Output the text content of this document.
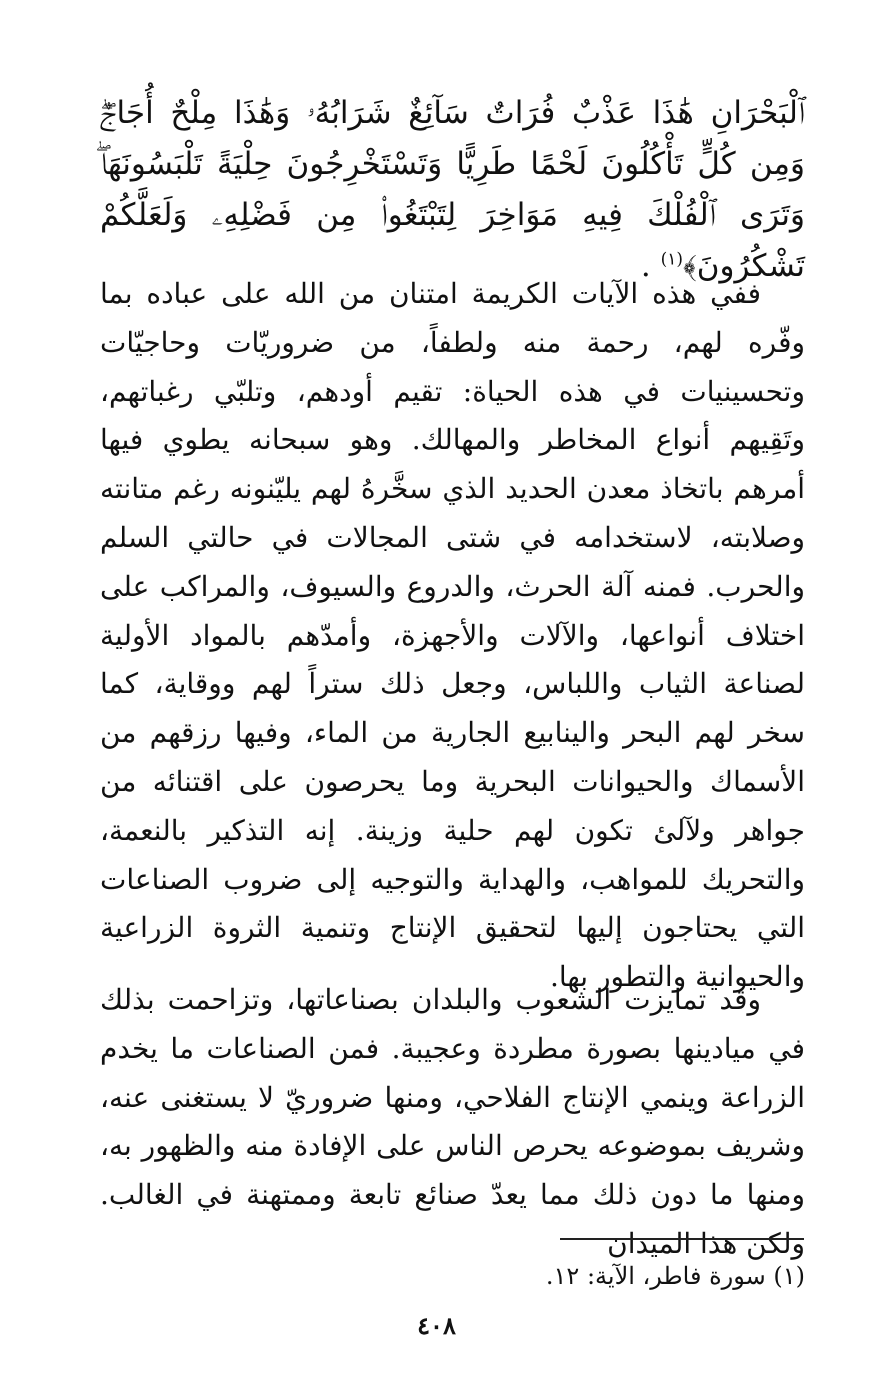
ٱلْبَحْرَانِ هَٰذَا عَذْبٌ فُرَاتٌ سَآئِغٌ شَرَابُهُۥ وَهَٰذَا مِلْحٌ أُجَاجٌۖ وَمِن كُلٍّ تَأْكُلُونَ لَحْمًا طَرِيًّا وَتَسْتَخْرِجُونَ حِلْيَةً تَلْبَسُونَهَاۖ وَتَرَى ٱلْفُلْكَ فِيهِ مَوَاخِرَ لِتَبْتَغُوا۟ مِن فَضْلِهِۦ وَلَعَلَّكُمْ تَشْكُرُونَ﴾$^{(١)}$ .
ففي هذه الآيات الكريمة امتنان من الله على عباده بما وفّره لهم، رحمة منه ولطفاً، من ضروريّات وحاجيّات وتحسينيات في هذه الحياة: تقيم أودهم، وتلبّي رغباتهم، وتَقِيهم أنواع المخاطر والمهالك. وهو سبحانه يطوي فيها أمرهم باتخاذ معدن الحديد الذي سخَّرهُ لهم يليّنونه رغم متانته وصلابته، لاستخدامه في شتى المجالات في حالتي السلم والحرب. فمنه آلة الحرث، والدروع والسيوف، والمراكب على اختلاف أنواعها، والآلات والأجهزة، وأمدّهم بالمواد الأولية لصناعة الثياب واللباس، وجعل ذلك ستراً لهم ووقاية، كما سخر لهم البحر والينابيع الجارية من الماء، وفيها رزقهم من الأسماك والحيوانات البحرية وما يحرصون على اقتنائه من جواهر ولآلئ تكون لهم حلية وزينة. إنه التذكير بالنعمة، والتحريك للمواهب، والهداية والتوجيه إلى ضروب الصناعات التي يحتاجون إليها لتحقيق الإنتاج وتنمية الثروة الزراعية والحيوانية والتطور بها.
وقد تمايزت الشعوب والبلدان بصناعاتها، وتزاحمت بذلك في ميادينها بصورة مطردة وعجيبة. فمن الصناعات ما يخدم الزراعة وينمي الإنتاج الفلاحي، ومنها ضروريّ لا يستغنى عنه، وشريف بموضوعه يحرص الناس على الإفادة منه والظهور به، ومنها ما دون ذلك مما يعدّ صنائع تابعة وممتهنة في الغالب. ولكن هذا الميدان
(١) سورة فاطر، الآية: ١٢.
٤٠٨
